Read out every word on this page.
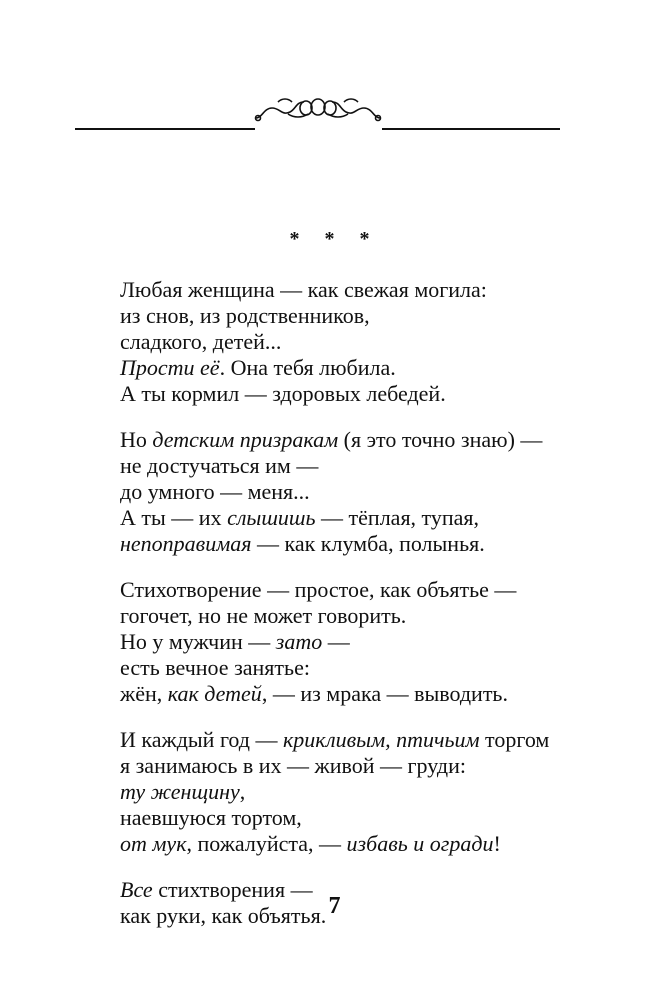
* * *
Любая женщина — как свежая могила:
из снов, из родственников,
сладкого, детей...
Прости её. Она тебя любила.
А ты кормил — здоровых лебедей.
Но детским призракам (я это точно знаю) —
не достучаться им —
до умного — меня...
А ты — их слышишь — тёплая, тупая,
непоправимая — как клумба, полынья.
Стихотворение — простое, как объятье —
гогочет, но не может говорить.
Но у мужчин — зато —
есть вечное занятье:
жён, как детей, — из мрака — выводить.
И каждый год — крикливым, птичьим торгом
я занимаюсь в их — живой — груди:
ту женщину,
наевшуюся тортом,
от мук, пожалуйста, — избавь и огради!
Все стихтворения —
как руки, как объятья. 7
